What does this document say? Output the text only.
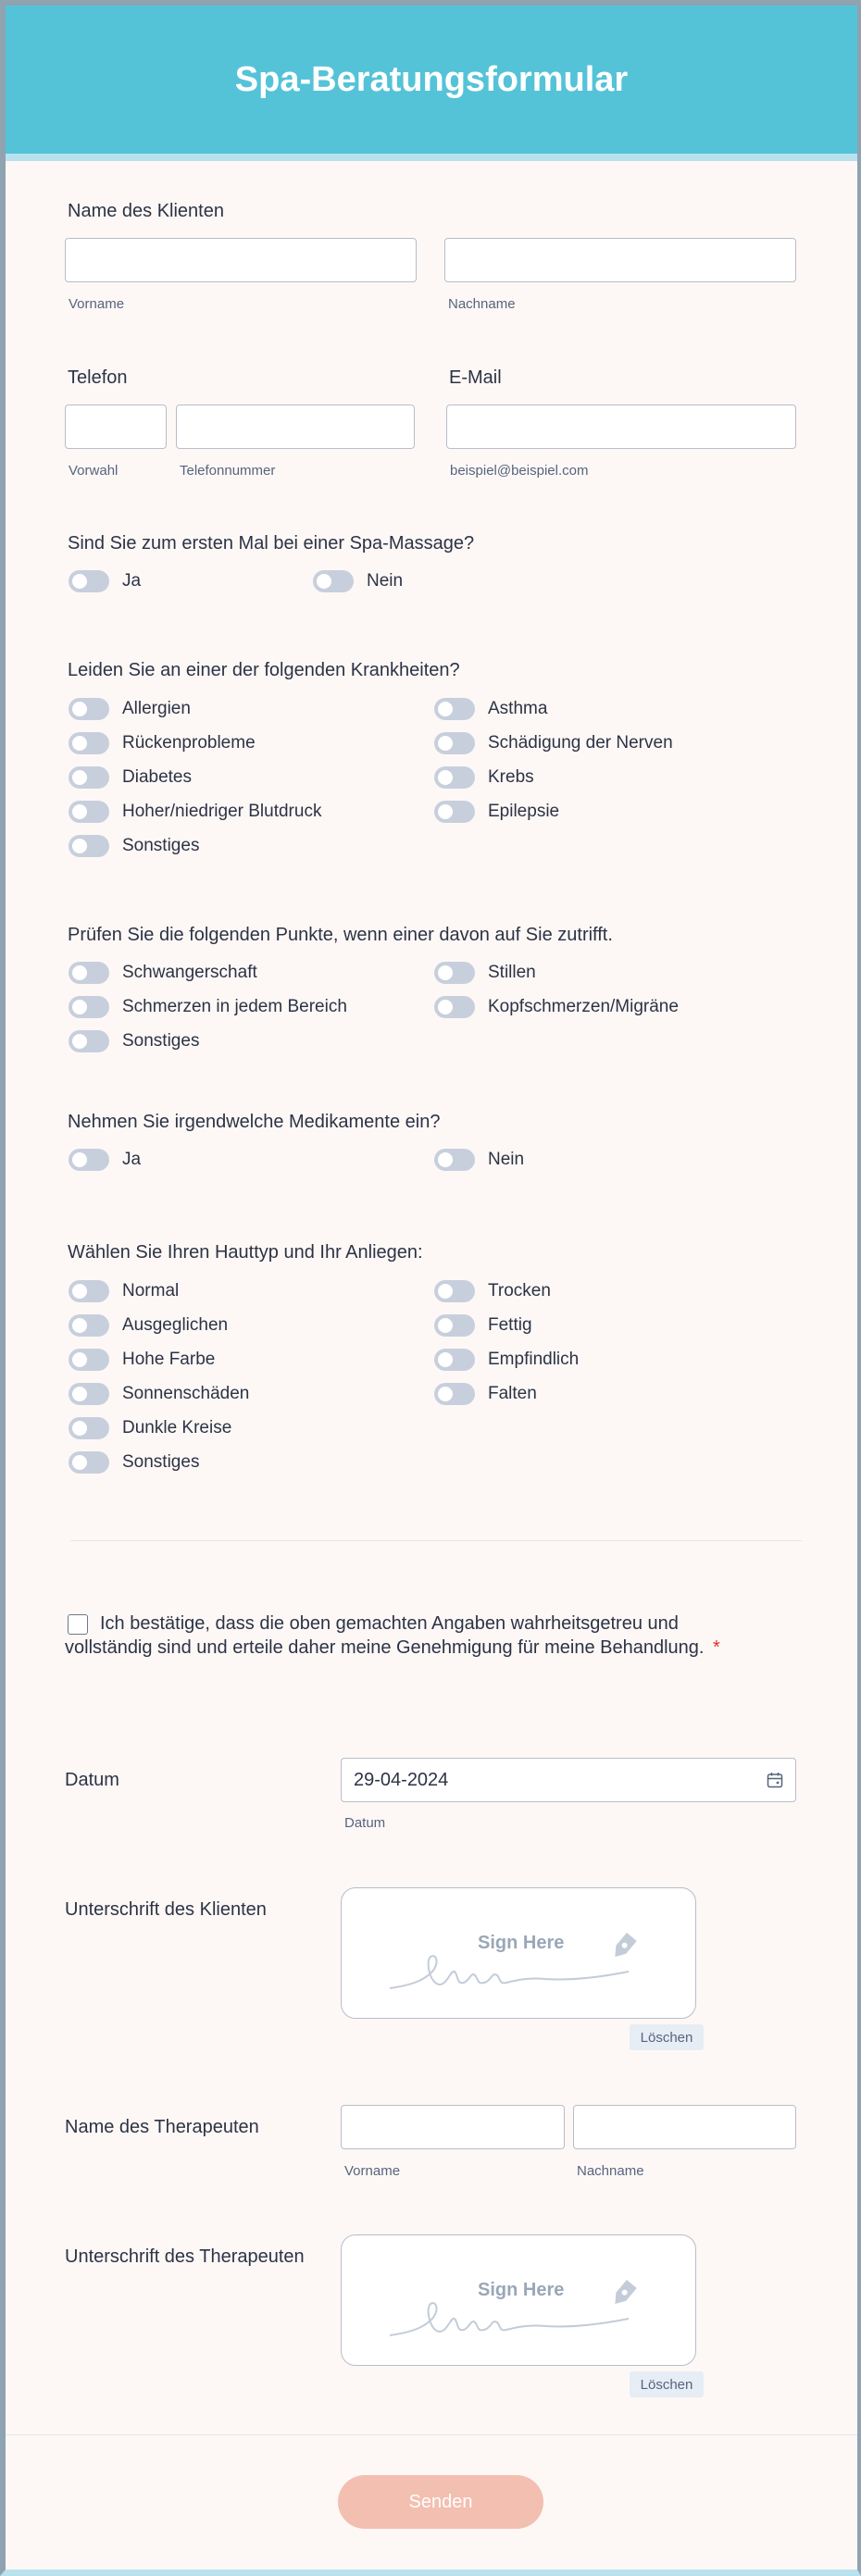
Spa-Beratungsformular
Name des Klienten
Vorname	Nachname
Telefon
Vorwahl	Telefonnummer
E-Mail
beispiel@beispiel.com
Sind Sie zum ersten Mal bei einer Spa-Massage?
Ja	Nein
Leiden Sie an einer der folgenden Krankheiten?
Allergien	Asthma
Rückenprobleme	Schädigung der Nerven
Diabetes	Krebs
Hoher/niedriger Blutdruck	Epilepsie
Sonstiges
Prüfen Sie die folgenden Punkte, wenn einer davon auf Sie zutrifft.
Schwangerschaft	Stillen
Schmerzen in jedem Bereich	Kopfschmerzen/Migräne
Sonstiges
Nehmen Sie irgendwelche Medikamente ein?
Ja	Nein
Wählen Sie Ihren Hauttyp und Ihr Anliegen:
Normal	Trocken
Ausgeglichen	Fettig
Hohe Farbe	Empfindlich
Sonnenschäden	Falten
Dunkle Kreise
Sonstiges
Ich bestätige, dass die oben gemachten Angaben wahrheitsgetreu und
vollständig sind und erteile daher meine Genehmigung für meine Behandlung. *
Datum	29-04-2024
Datum
Unterschrift des Klienten
Sign Here
Löschen
Name des Therapeuten
Vorname	Nachname
Unterschrift des Therapeuten
Sign Here
Löschen
Senden
